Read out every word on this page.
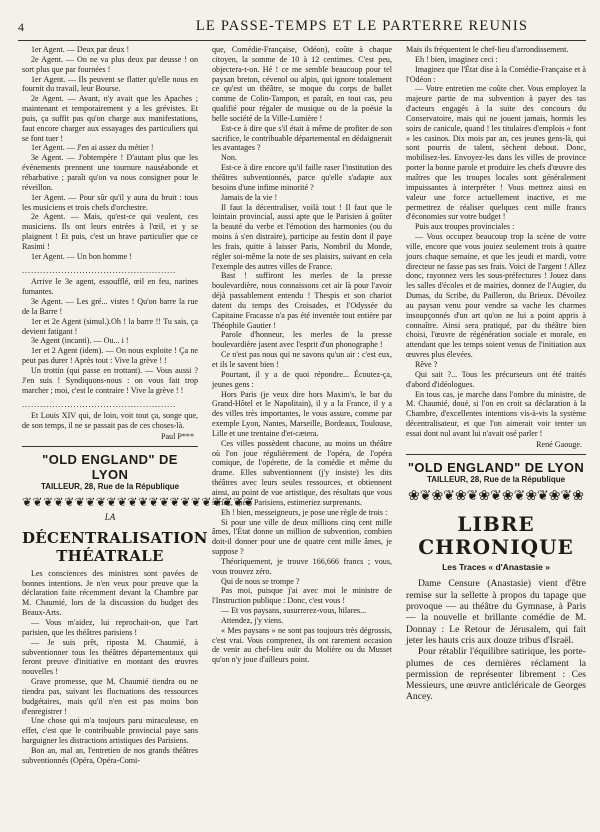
4	LE PASSE-TEMPS ET LE PARTERRE REUNIS

1er Agent. — Deux par deux !

2e Agent. — On ne va plus deux par deusse ! on sort plus que par fournées !

1er Agent. — Ils peuvent se flatter qu'elle nous en fournit du travail, leur Bourse.

2e Agent. — Avant, n'y avait que les Apaches ; maintenant et temporairement y a les grévistes. Et puis, ça suffit pas qu'on charge aux manifestations, faut encore charger aux essayages des particuliers qui se font tuer !

1er Agent. — J'en ai assez du métier !

3e Agent. — J'obtempère ! D'autant plus que les événements prennent une tournure nauséabonde et rébarbative ; paraît qu'on va nous consigner pour le réveillon.

1er Agent. — Pour sûr qu'il y aura du bruit : tous les musiciens et trois chefs d'orchestre.

2e Agent. — Mais, qu'est-ce qui veulent, ces musiciens. Ils ont leurs entrées à l'œil, et y se plaignent ! Et puis, c'est un brave particulier que ce Rasimi !

1er Agent. — Un bon homme !

...................................................

Arrive le 3e agent, essoufflé, œil en feu, narines fumantes.

3e Agent. — Les gré... vistes ! Qu'on barre la rue de la Barre !

1er et 2e Agent (simul.).Oh ! la barre !! Tu sais, ça devient fatigant !

3e Agent (incanti). — Ou... i !

1er et 2 Agent (idem). — On nous exploite ! Ça ne peut pas durer ! Après tout : Vive la grève ! !

Un trottin (qui passe en trottant). — Vous aussi ? J'en suis ! Syndiquons-nous : on vous fait trop marcher ; moi, c'est le contraire ! Vive la grève ! !

...................................................

Et Louis XIV qui, de loin, voit tout ça, songe que, de son temps, il ne se passait pas de ces choses-là.

Paul P***

"OLD ENGLAND" DE LYON
TAILLEUR, 28, Rue de la République
❦❦❦❦❦❦❦❦❦❦❦❦❦❦❦❦❦❦❦❦❦❦

LA

DÉCENTRALISATION THÉATRALE

Les consciences des ministres sont pavées de bonnes intentions. Je n'en veux pour preuve que la déclaration faite récemment devant la Chambre par M. Chaumié, lors de la discussion du budget des Beaux-Arts.

— Vous m'aidez, lui reprochait-on, que l'art parisien, que les théâtres parisiens !

— Je suis prêt, riposta M. Chaumié, à subventionner tous les théâtres départementaux qui feront preuve d'initiative en montant des œuvres nouvelles !

Grave promesse, que M. Chaumié tiendra ou ne tiendra pas, suivant les fluctuations des ressources budgétaires, mais qu'il n'en est pas moins bon d'enregistrer !

Une chose qui m'a toujours paru miraculeuse, en effet, c'est que le contribuable provincial paye sans barguigner les distractions artistiques des Parisiens.

Bon an, mal an, l'entretien de nos grands théâtres subventionnés (Opéra, Opéra-Comi-

que, Comédie-Française, Odéon), coûte à chaque citoyen, la somme de 10 à 12 centimes. C'est peu, objectera-t-on. Hé ! ce me semble beaucoup pour tel paysan breton, cévenol ou alpin, qui ignore totalement ce qu'est un théâtre, se moque du corps de ballet comme de Colin-Tampon, et paraît, en tout cas, peu qualifié pour régaler de musique ou de la poésie la belle société de la Ville-Lumière !

Est-ce à dire que s'il était à même de profiter de son sacrifice, le contribuable départemental en dédaignerait les avantages ?

Non.

Est-ce à dire encore qu'il faille raser l'institution des théâtres subventionnés, parce qu'elle s'adapte aux besoins d'une infime minorité ?

Jamais de la vie !

Il faut la décentraliser, voilà tout ! Il faut que le lointain provincial, aussi apte que le Parisien à goûter la beauté du verbe et l'émotion des harmonies (ou du moins à s'en distraire), participe au festin dont il paye les frais, quitte à laisser Paris, Nombril du Monde, régler soi-même la note de ses plaisirs, suivant en cela l'exemple des autres villes de France.

Bast ! suffiront les merles de la presse boulevardière, nous connaissons cet air là pour l'avoir déjà passablement entendu ! Thespis et son chariot datent du temps des Croisades, et l'Odyssée du Capitaine Fracasse n'a pas été inventée tout entière par Théophile Gautier !

Parole d'honneur, les merles de la presse boulevardière jasent avec l'esprit d'un phonographe !

Ce n'est pas nous qui ne savons qu'un air : c'est eux, et ils le savent bien !

Pourtant, il y a de quoi répondre... Écoutez-ça, jeunes gens :

Hors Paris (je veux dire hors Maxim's, le bar du Grand-Hôtel et le Napolitain), il y a la France, il y a des villes très importantes, le vous assure, comme par exemple Lyon, Nantes, Marseille, Bordeaux, Toulouse, Lille et une trentaine d'et-cætera.

Ces villes possèdent chacune, au moins un théâtre où l'on joue régulièrement de l'opéra, de l'opéra comique, de l'opérette, de la comédie et même du drame. Elles subventionnent (j'y insiste) les dits théâtres avec leurs seules ressources, et obtiennent ainsi, au point de vue artistique, des résultats que vous seriez, chers Parisiens, estimeriez surprenants.

Eh ! bien, messeigneurs, je pose une règle de trois :

Si pour une ville de deux millions cinq cent mille âmes, l'État donne un million de subvention, combien doit-il donner pour une de quatre cent mille âmes, je suppose ?

Théoriquement, je trouve 166,666 francs ; vous, vous trouvez zéro.

Qui de nous se trompe ?

Pas moi, puisque j'ai avec moi le ministre de l'Instruction publique : Donc, c'est vous !

— Et vos paysans, susurrerez-vous, hilares...

Attendez, j'y viens.

« Mes paysans » ne sont pas toujours très dégrossis, c'est vrai. Vous comprenez, ils ont rarement occasion de venir au chef-lieu ouïr du Molière ou du Musset qu'on n'y joue d'ailleurs point.

Mais ils fréquentent le chef-lieu d'arrondissement.

Eh ! bien, imaginez ceci :

Imaginez que l'État dise à la Comédie-Française et à l'Odéon :

— Votre entretien me coûte cher. Vous employez la majeure partie de ma subvention à payer des tas d'acteurs engagés à la suite des concours du Conservatoire, mais qui ne jouent jamais, hormis les soirs de canicule, quand ! les titulaires d'emplois « font » les casinos. Dix mois par an, ces jeunes gens-là, qui sont pourris de talent, sèchent debout. Donc, mobilisez-les. Envoyez-les dans les villes de province porter la bonne parole et produire les chefs d'œuvre des maîtres que les troupes locales sont généralement impuissantes à interpréter ! Vous mettrez ainsi en valeur une force actuellement inactive, et me permettrez de réaliser quelques cent mille francs d'économies sur votre budget !

Puis aux troupes provinciales :

— Vous occupez beaucoup trop la scène de votre ville, encore que vous jouiez seulement trois à quatre jours chaque semaine, et que les jeudi et mardi, votre directeur ne fasse pas ses frais. Voici de l'argent ! Allez donc, rayonnez vers les sous-préfectures ! Jouez dans les salles d'écoles et de mairies, donnez de l'Augier, du Dumas, du Scribe, du Pailleron, du Brieux. Dévoilez au paysan venu pour vendre sa vache les charmes insoupçonnés d'un art qu'on ne lui a point appris à connaître. Ainsi sera pratiqué, par du théâtre bien choisi, l'œuvre de régénération sociale et morale, en attendant que les temps soient venus de l'initiation aux œuvres plus élevées.

Rêve ?

Qui sait ?... Tous les précurseurs ont été traités d'abord d'idéologues.

En tous cas, je marche dans l'ombre du ministre, de M. Chaumié, doué, si l'on en croit sa déclaration à la Chambre, d'excellentes intentions vis-à-vis la système décentralisateur, et que l'on aimerait voir tenter un essai dont nul avant lui n'avait osé parler !

René Gaouge.

"OLD ENGLAND" DE LYON
TAILLEUR, 28, Rue de la République
❀❦❀❦❀❦❀❦❀❦❀❦❀❦❀
LIBRE CHRONIQUE
Les Traces « d'Anastasie »

Dame Censure (Anastasie) vient d'être remise sur la sellette à propos du tapage que provoque — au théâtre du Gymnase, à Paris — la nouvelle et brillante comédie de M. Donnay : Le Retour de Jérusalem, qui fait jeter les hauts cris aux douze tribus d'Israël.

Pour rétablir l'équilibre satirique, les porte-plumes de ces dernières réclament la permission de représenter librement : Ces Messieurs, une œuvre anticléricale de Georges Ancey.
